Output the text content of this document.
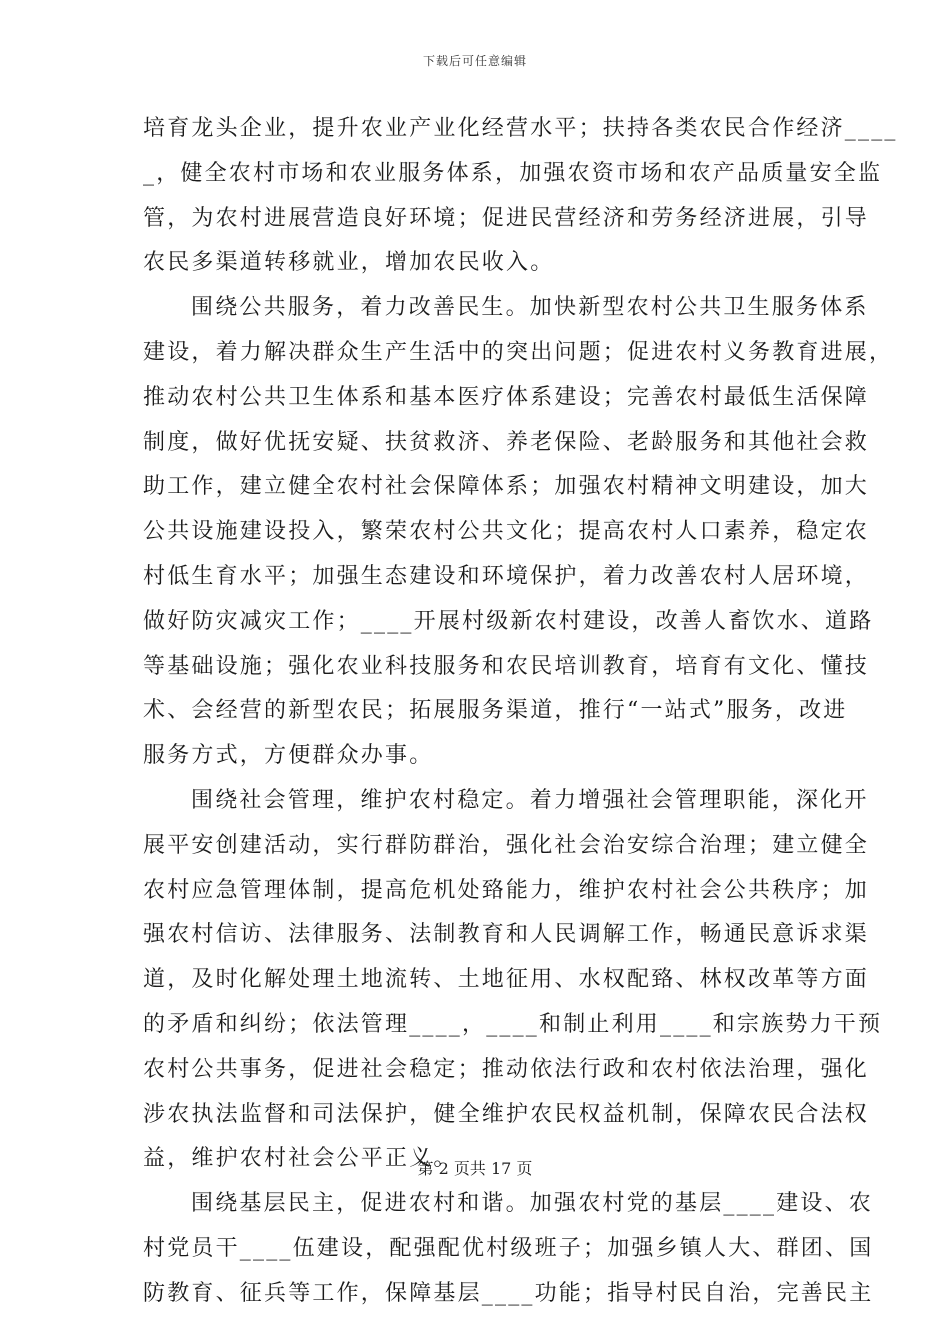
下载后可任意编辑
培育龙头企业，提升农业产业化经营水平；扶持各类农民合作经济____
_，健全农村市场和农业服务体系，加强农资市场和农产品质量安全监
管，为农村进展营造良好环境；促进民营经济和劳务经济进展，引导
农民多渠道转移就业，增加农民收入。
围绕公共服务，着力改善民生。加快新型农村公共卫生服务体系
建设，着力解决群众生产生活中的突出问题；促进农村义务教育进展，
推动农村公共卫生体系和基本医疗体系建设；完善农村最低生活保障
制度，做好优抚安疑、扶贫救济、养老保险、老龄服务和其他社会救
助工作，建立健全农村社会保障体系；加强农村精神文明建设，加大
公共设施建设投入，繁荣农村公共文化；提高农村人口素养，稳定农
村低生育水平；加强生态建设和环境保护，着力改善农村人居环境，
做好防灾减灾工作；____开展村级新农村建设，改善人畜饮水、道路
等基础设施；强化农业科技服务和农民培训教育，培育有文化、懂技
术、会经营的新型农民；拓展服务渠道，推行“一站式”服务，改进
服务方式，方便群众办事。
围绕社会管理，维护农村稳定。着力增强社会管理职能，深化开
展平安创建活动，实行群防群治，强化社会治安综合治理；建立健全
农村应急管理体制，提高危机处臵能力，维护农村社会公共秩序；加
强农村信访、法律服务、法制教育和人民调解工作，畅通民意诉求渠
道，及时化解处理土地流转、土地征用、水权配臵、林权改革等方面
的矛盾和纠纷；依法管理____，____和制止利用____和宗族势力干预
农村公共事务，促进社会稳定；推动依法行政和农村依法治理，强化
涉农执法监督和司法保护，健全维护农民权益机制，保障农民合法权
益，维护农村社会公平正义。
围绕基层民主，促进农村和谐。加强农村党的基层____建设、农
村党员干____伍建设，配强配优村级班子；加强乡镇人大、群团、国
防教育、征兵等工作，保障基层____功能；指导村民自治，完善民主
第 2 页共 17 页
